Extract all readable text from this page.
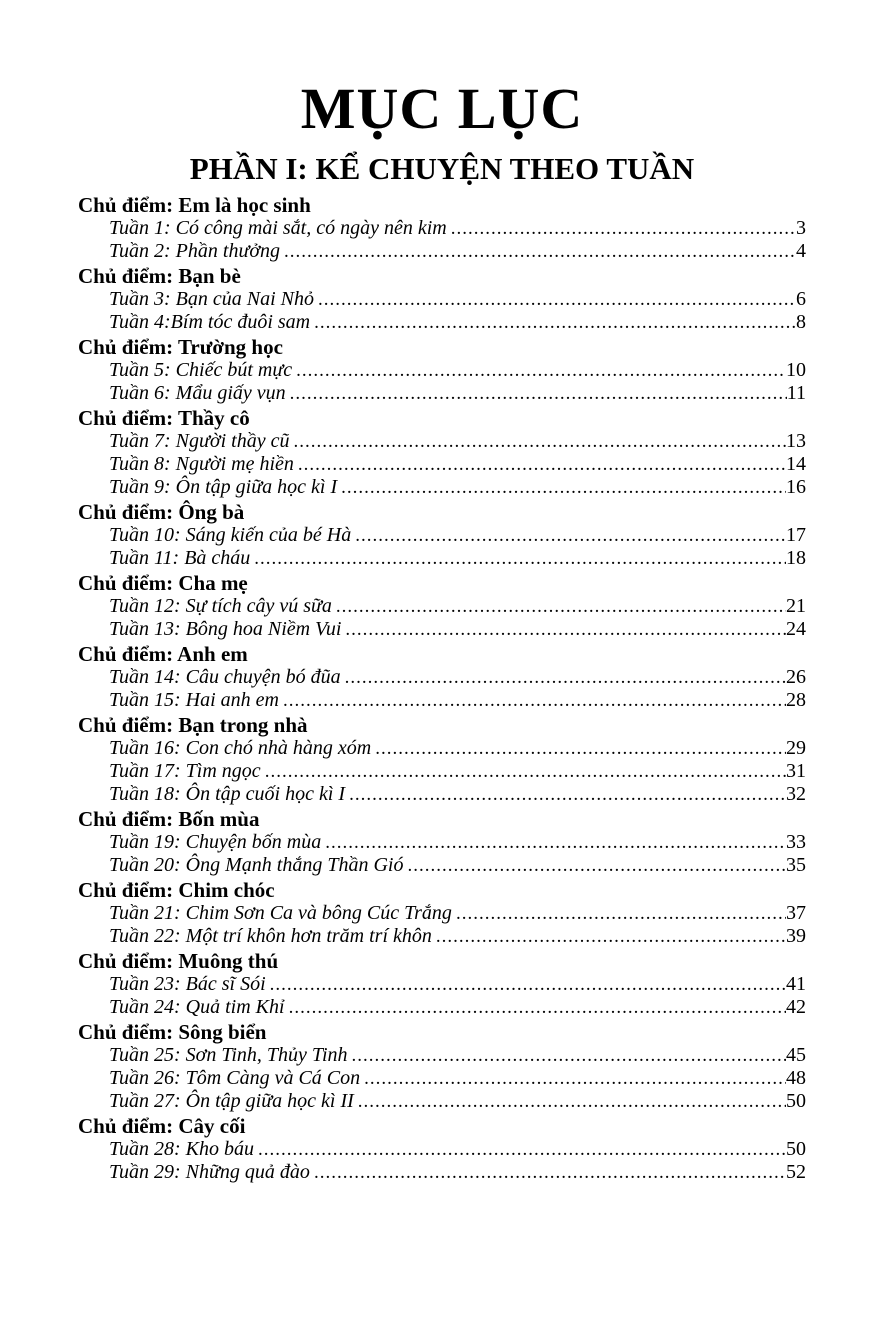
MỤC LỤC
PHẦN I: KỂ CHUYỆN THEO TUẦN
Chủ điểm: Em là học sinh
Tuần 1: Có công mài sắt, có ngày nên kim .....	3
Tuần 2: Phần thưởng .....	4
Chủ điểm: Bạn bè
Tuần 3: Bạn của Nai Nhỏ .....	6
Tuần 4:Bím tóc đuôi sam .....	8
Chủ điểm: Trường học
Tuần 5: Chiếc bút mực .....	10
Tuần 6: Mẩu giấy vụn .....	11
Chủ điểm: Thầy cô
Tuần 7: Người thầy cũ .....	13
Tuần 8: Người mẹ hiền .....	14
Tuần 9: Ôn tập giữa học kì I .....	16
Chủ điểm: Ông bà
Tuần 10: Sáng kiến của bé Hà .....	17
Tuần 11: Bà cháu .....	18
Chủ điểm: Cha mẹ
Tuần 12: Sự tích cây vú sữa .....	21
Tuần 13: Bông hoa Niềm Vui .....	24
Chủ điểm: Anh em
Tuần 14: Câu chuyện bó đũa .....	26
Tuần 15: Hai anh em .....	28
Chủ điểm: Bạn trong nhà
Tuần 16: Con chó nhà hàng xóm .....	29
Tuần 17: Tìm ngọc .....	31
Tuần 18: Ôn tập cuối học kì I .....	32
Chủ điểm: Bốn mùa
Tuần 19: Chuyện bốn mùa .....	33
Tuần 20: Ông Mạnh thắng Thần Gió .....	35
Chủ điểm: Chim chóc
Tuần 21: Chim Sơn Ca và bông Cúc Trắng .....	37
Tuần 22: Một trí khôn hơn trăm trí khôn .....	39
Chủ điểm: Muông thú
Tuần 23: Bác sĩ Sói .....	41
Tuần 24: Quả tim Khỉ .....	42
Chủ điểm: Sông biển
Tuần 25: Sơn Tinh, Thủy Tinh .....	45
Tuần 26: Tôm Càng và Cá Con .....	48
Tuần 27: Ôn tập giữa học kì II .....	50
Chủ điểm: Cây cối
Tuần 28: Kho báu .....	50
Tuần 29: Những quả đào .....	52
